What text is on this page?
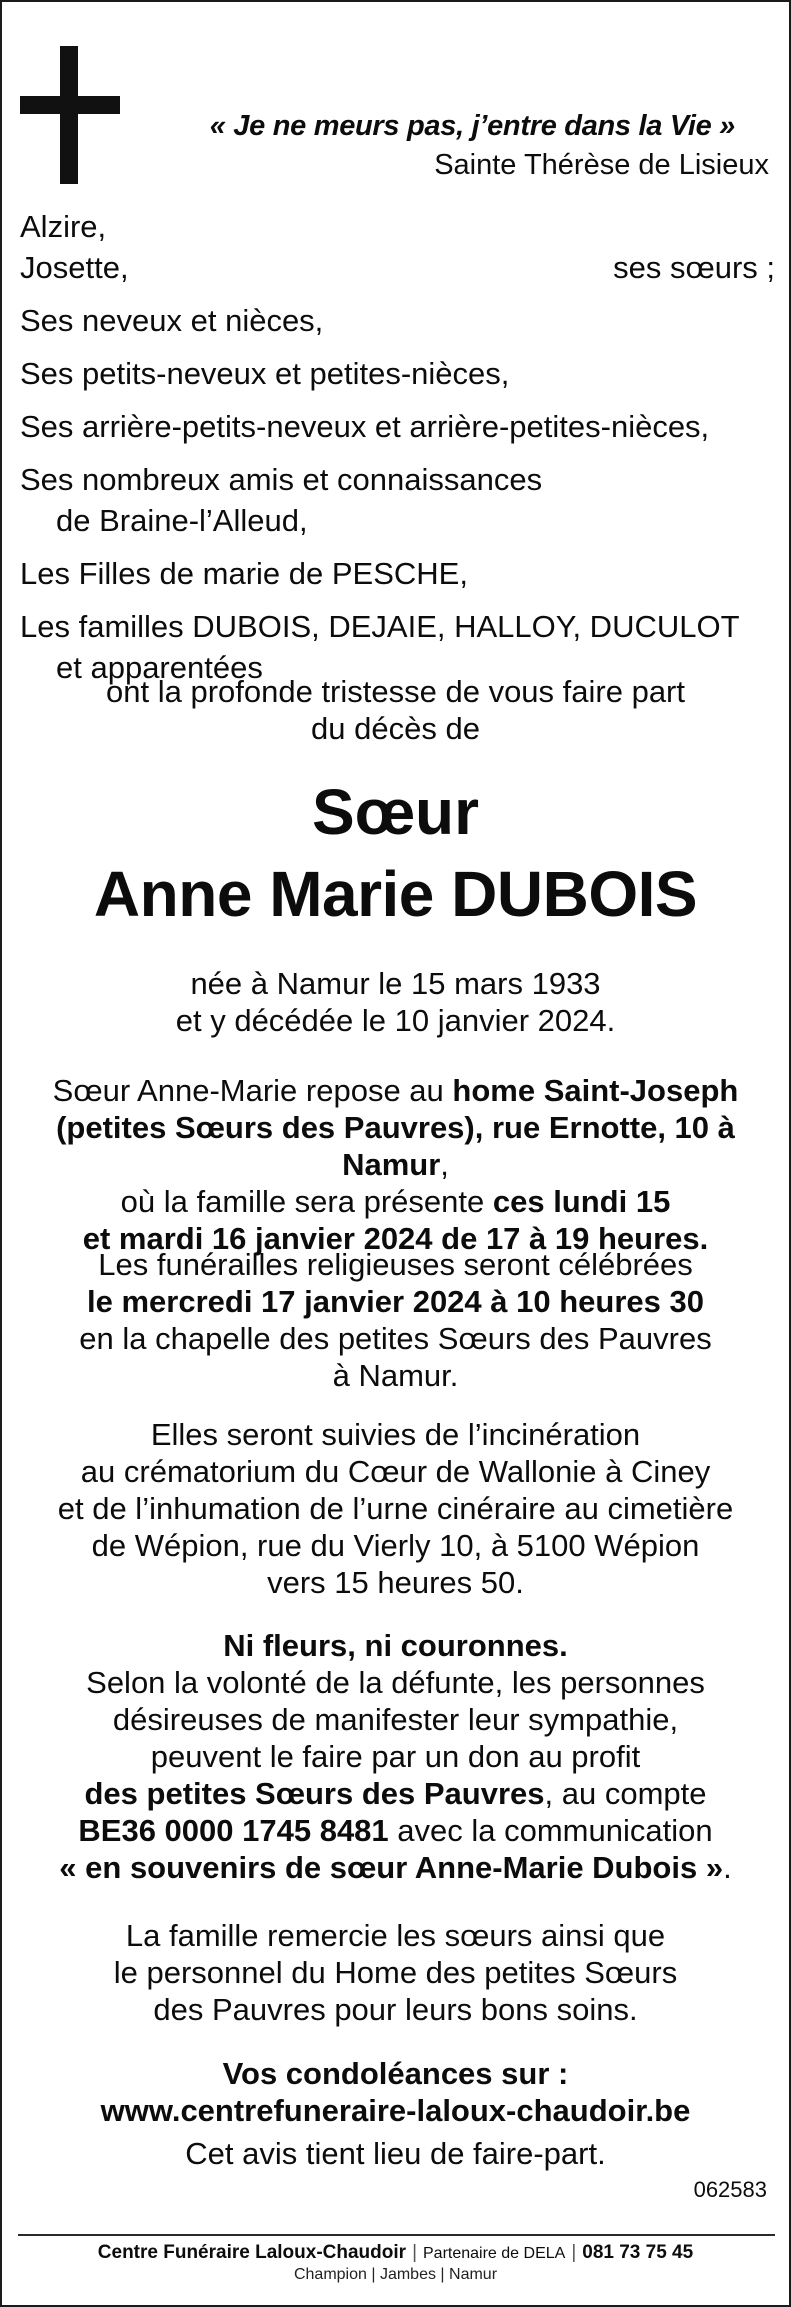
« Je ne meurs pas, j’entre dans la Vie »
Sainte Thérèse de Lisieux
Alzire,
Josette,	ses sœurs ;
Ses neveux et nièces,
Ses petits-neveux et petites-nièces,
Ses arrière-petits-neveux et arrière-petites-nièces,
Ses nombreux amis et connaissances
de Braine-l’Alleud,
Les Filles de marie de PESCHE,
Les familles DUBOIS, DEJAIE, HALLOY, DUCULOT
et apparentées
ont la profonde tristesse de vous faire part
du décès de
Sœur
Anne Marie DUBOIS
née à Namur le 15 mars 1933
et y décédée le 10 janvier 2024.
Sœur Anne-Marie repose au home Saint-Joseph
(petites Sœurs des Pauvres), rue Ernotte, 10 à Namur,
où la famille sera présente ces lundi 15
et mardi 16 janvier 2024 de 17 à 19 heures.
Les funérailles religieuses seront célébrées
le mercredi 17 janvier 2024 à 10 heures 30
en la chapelle des petites Sœurs des Pauvres
à Namur.
Elles seront suivies de l’incinération
au crématorium du Cœur de Wallonie à Ciney
et de l’inhumation de l’urne cinéraire au cimetière
de Wépion, rue du Vierly 10, à 5100 Wépion
vers 15 heures 50.
Ni fleurs, ni couronnes.
Selon la volonté de la défunte, les personnes
désireuses de manifester leur sympathie,
peuvent le faire par un don au profit
des petites Sœurs des Pauvres, au compte
BE36 0000 1745 8481 avec la communication
« en souvenirs de sœur Anne-Marie Dubois ».
La famille remercie les sœurs ainsi que
le personnel du Home des petites Sœurs
des Pauvres pour leurs bons soins.
Vos condoléances sur :
www.centrefuneraire-laloux-chaudoir.be
Cet avis tient lieu de faire-part.
062583
Centre Funéraire Laloux-Chaudoir | Partenaire de DELA | 081 73 75 45
Champion | Jambes | Namur
